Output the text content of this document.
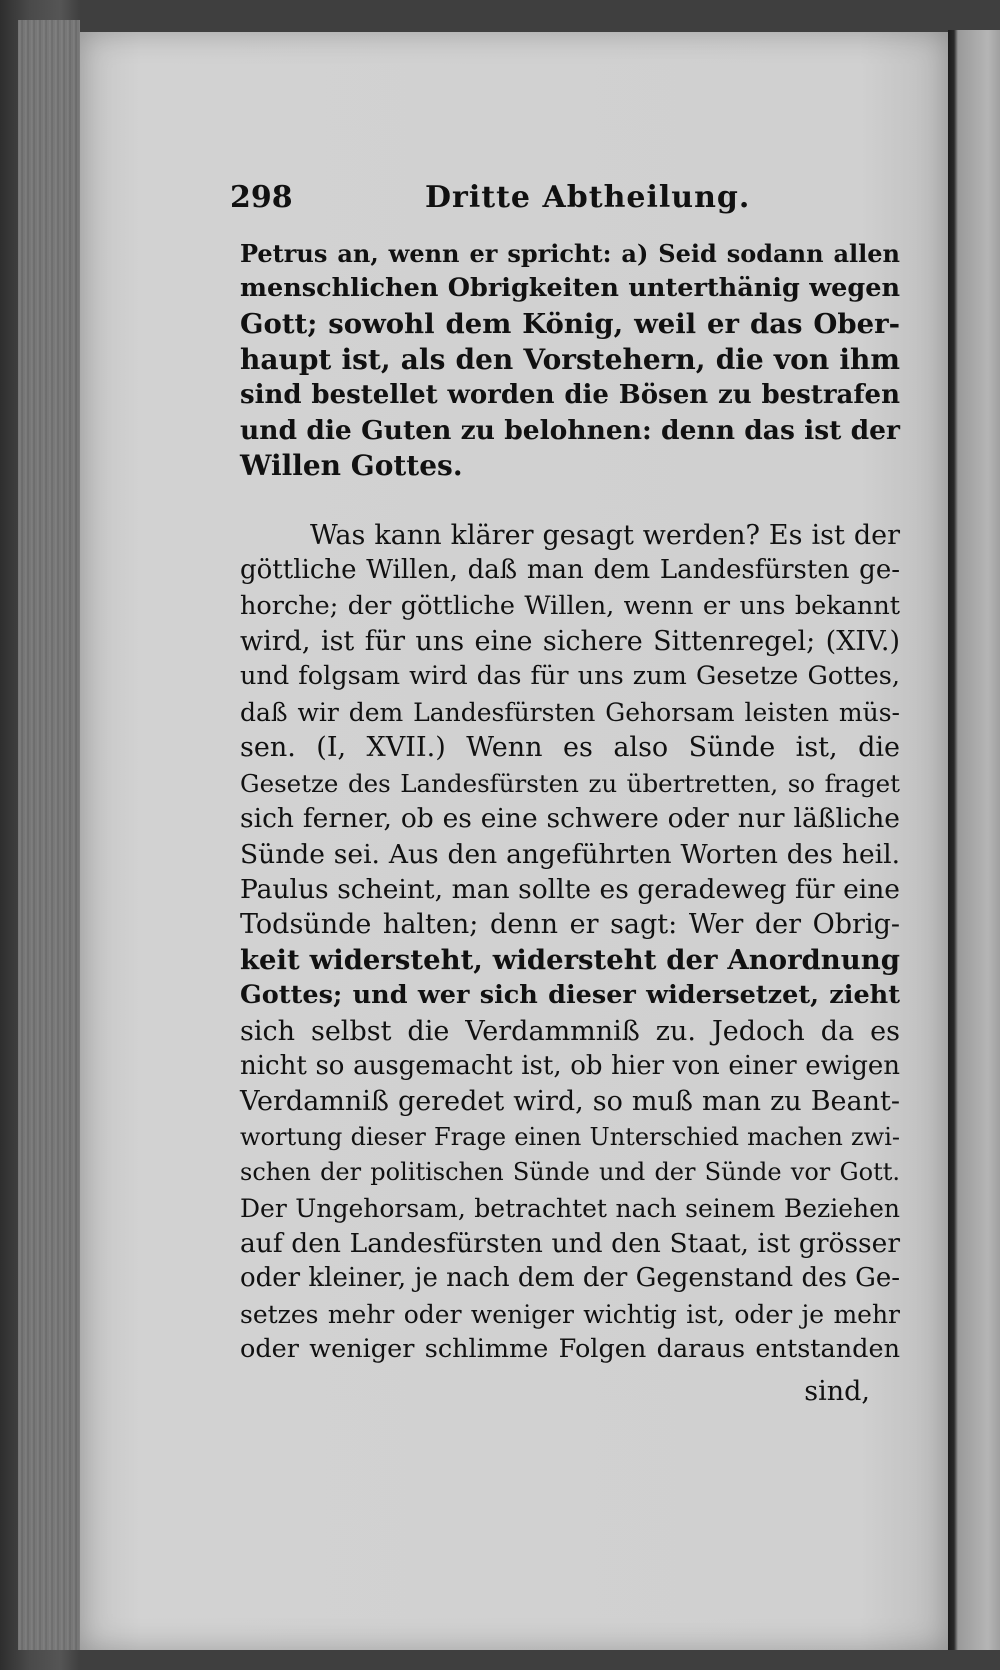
298	Dritte Abtheilung.
Petrus an, wenn er spricht: a) Seid sodann allen
menschlichen Obrigkeiten unterthänig wegen
Gott; sowohl dem König, weil er das Ober-
haupt ist, als den Vorstehern, die von ihm
sind bestellet worden die Bösen zu bestrafen
und die Guten zu belohnen: denn das ist der
Willen Gottes.
Was kann klärer gesagt werden? Es ist der
göttliche Willen, daß man dem Landesfürsten ge-
horche; der göttliche Willen, wenn er uns bekannt
wird, ist für uns eine sichere Sittenregel; (XIV.)
und folgsam wird das für uns zum Gesetze Gottes,
daß wir dem Landesfürsten Gehorsam leisten müs-
sen. (I, XVII.) Wenn es also Sünde ist, die
Gesetze des Landesfürsten zu übertretten, so fraget
sich ferner, ob es eine schwere oder nur läßliche
Sünde sei. Aus den angeführten Worten des heil.
Paulus scheint, man sollte es geradeweg für eine
Todsünde halten; denn er sagt: Wer der Obrig-
keit widersteht, widersteht der Anordnung
Gottes; und wer sich dieser widersetzet, zieht
sich selbst die Verdammniß zu. Jedoch da es
nicht so ausgemacht ist, ob hier von einer ewigen
Verdamniß geredet wird, so muß man zu Beant-
wortung dieser Frage einen Unterschied machen zwi-
schen der politischen Sünde und der Sünde vor Gott.
Der Ungehorsam, betrachtet nach seinem Beziehen
auf den Landesfürsten und den Staat, ist grösser
oder kleiner, je nach dem der Gegenstand des Ge-
setzes mehr oder weniger wichtig ist, oder je mehr
oder weniger schlimme Folgen daraus entstanden
sind,
